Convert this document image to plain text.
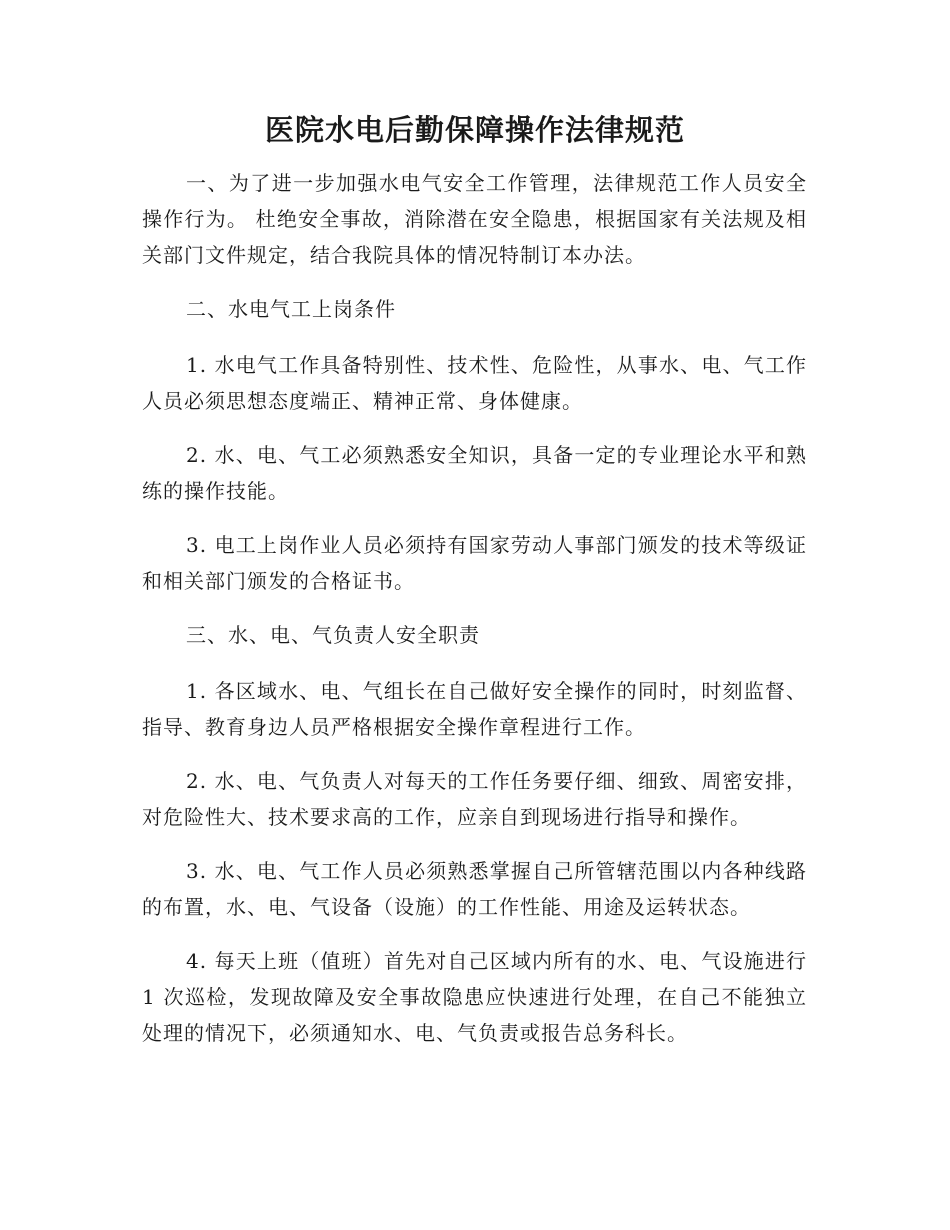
医院水电后勤保障操作法律规范

一、为了进一步加强水电气安全工作管理，法律规范工作人员安全操作行为。 杜绝安全事故，消除潜在安全隐患，根据国家有关法规及相关部门文件规定，结合我院具体的情况特制订本办法。

二、水电气工上岗条件

1. 水电气工作具备特别性、技术性、危险性，从事水、电、气工作人员必须思想态度端正、精神正常、身体健康。

2. 水、电、气工必须熟悉安全知识，具备一定的专业理论水平和熟练的操作技能。

3. 电工上岗作业人员必须持有国家劳动人事部门颁发的技术等级证和相关部门颁发的合格证书。

三、水、电、气负责人安全职责

1. 各区域水、电、气组长在自己做好安全操作的同时，时刻监督、指导、教育身边人员严格根据安全操作章程进行工作。

2. 水、电、气负责人对每天的工作任务要仔细、细致、周密安排，对危险性大、技术要求高的工作，应亲自到现场进行指导和操作。

3. 水、电、气工作人员必须熟悉掌握自己所管辖范围以内各种线路的布置，水、电、气设备（设施）的工作性能、用途及运转状态。

4. 每天上班（值班）首先对自己区域内所有的水、电、气设施进行 1 次巡检，发现故障及安全事故隐患应快速进行处理，在自己不能独立处理的情况下，必须通知水、电、气负责或报告总务科长。
